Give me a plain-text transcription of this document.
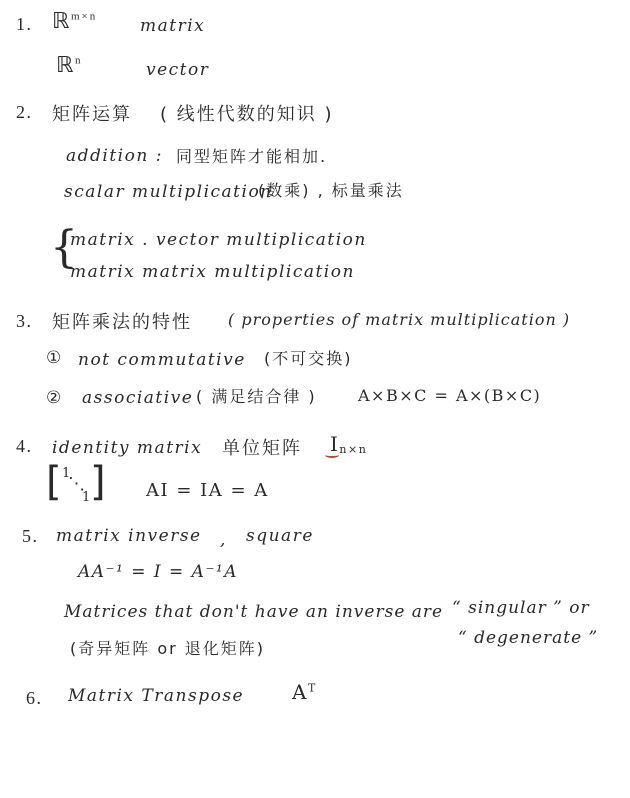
1. ℝ$^{m\times n}$	matrix
ℝ$^n$	vector
2. 矩阵运算 ( 线性代数的知识 )
addition : 同型矩阵才能相加.
scalar multiplication
(数乘) , 标量乘法
{
matrix . vector multiplication
matrix matrix multiplication
3. 矩阵乘法的特性 ( properties of matrix multiplication )
① not commutative (不可交换)
② associative ( 满足结合律 )	A×B×C = A×(B×C)
4. identity matrix 单位矩阵 In×n
[
1
⋱
1
] AI = IA = A
5. matrix inverse , square
AA⁻¹ = I = A⁻¹A
Matrices that don't have an inverse are “ singular ” or
(奇异矩阵 or 退化矩阵)
“ degenerate ”
6. Matrix Transpose $A^T$
